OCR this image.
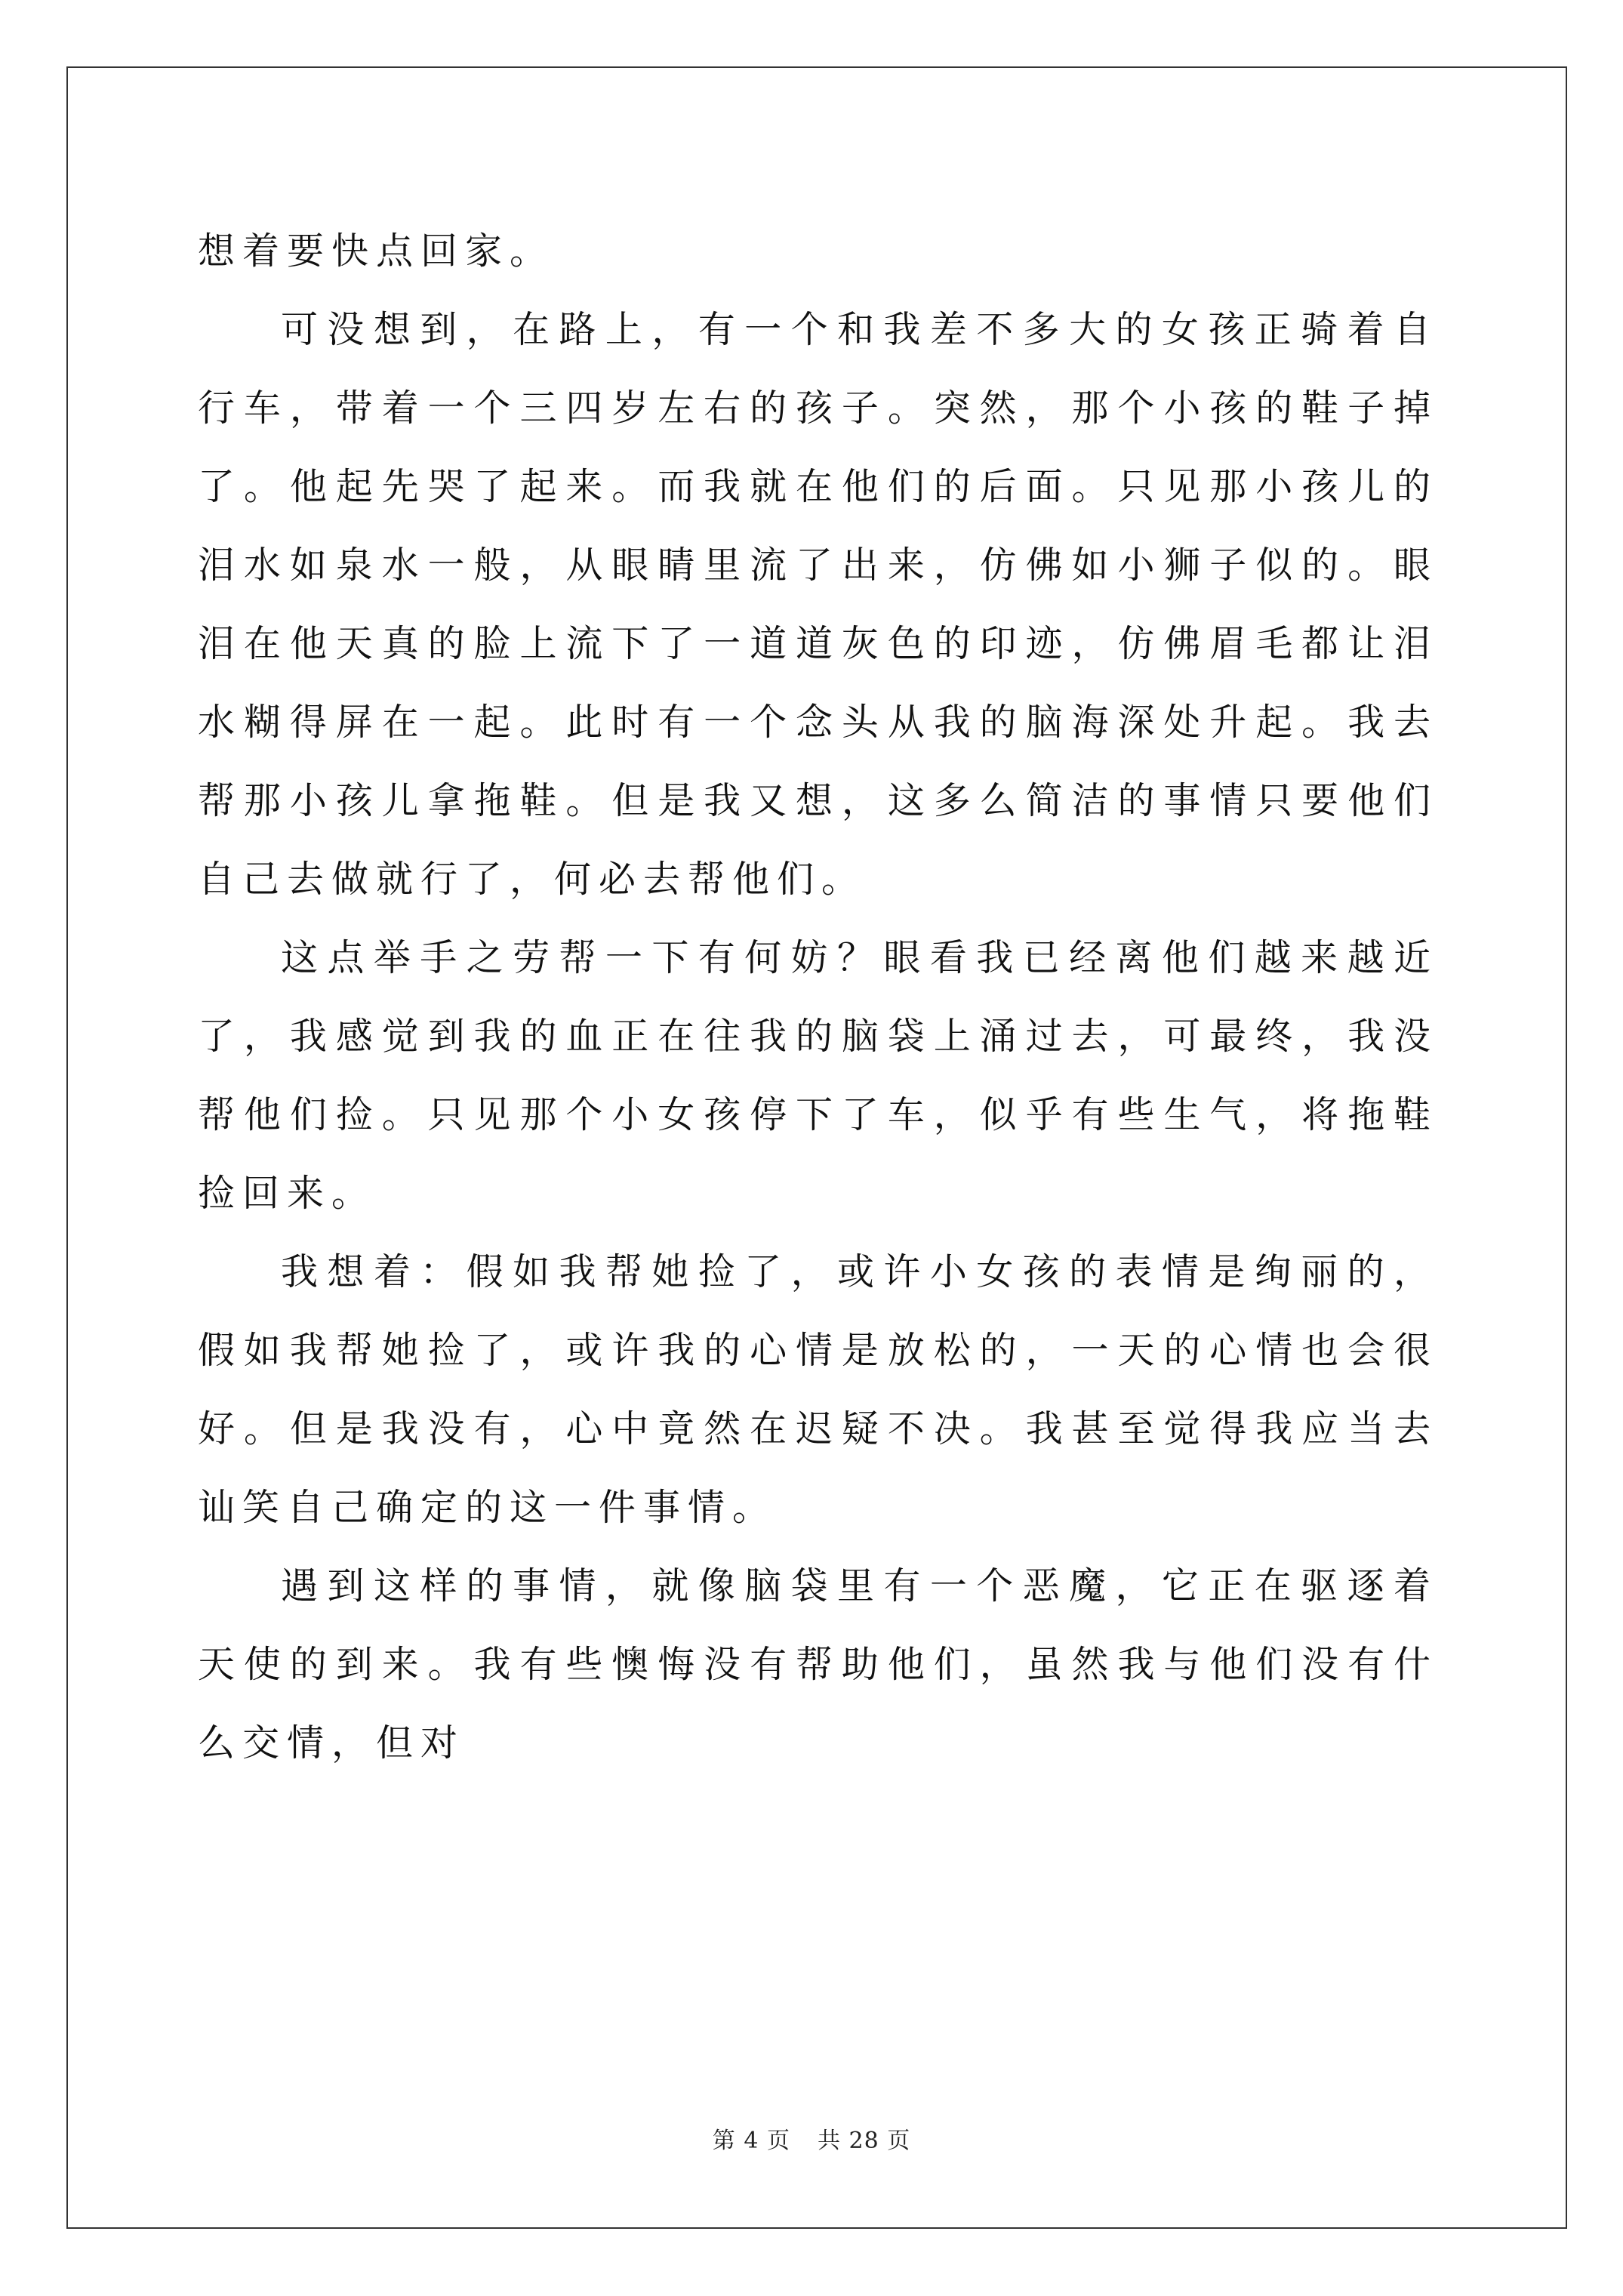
想着要快点回家。

可没想到，在路上，有一个和我差不多大的女孩正骑着自行车，带着一个三四岁左右的孩子。突然，那个小孩的鞋子掉了。他起先哭了起来。而我就在他们的后面。只见那小孩儿的泪水如泉水一般，从眼睛里流了出来，仿佛如小狮子似的。眼泪在他天真的脸上流下了一道道灰色的印迹，仿佛眉毛都让泪水糊得屏在一起。此时有一个念头从我的脑海深处升起。我去帮那小孩儿拿拖鞋。但是我又想，这多么简洁的事情只要他们自己去做就行了，何必去帮他们。

这点举手之劳帮一下有何妨？眼看我已经离他们越来越近了，我感觉到我的血正在往我的脑袋上涌过去，可最终，我没帮他们捡。只见那个小女孩停下了车，似乎有些生气，将拖鞋捡回来。

我想着：假如我帮她捡了，或许小女孩的表情是绚丽的，假如我帮她捡了，或许我的心情是放松的，一天的心情也会很好。但是我没有，心中竟然在迟疑不决。我甚至觉得我应当去讪笑自己确定的这一件事情。

遇到这样的事情，就像脑袋里有一个恶魔，它正在驱逐着天使的到来。我有些懊悔没有帮助他们，虽然我与他们没有什么交情，但对

第 4 页 共 28 页
